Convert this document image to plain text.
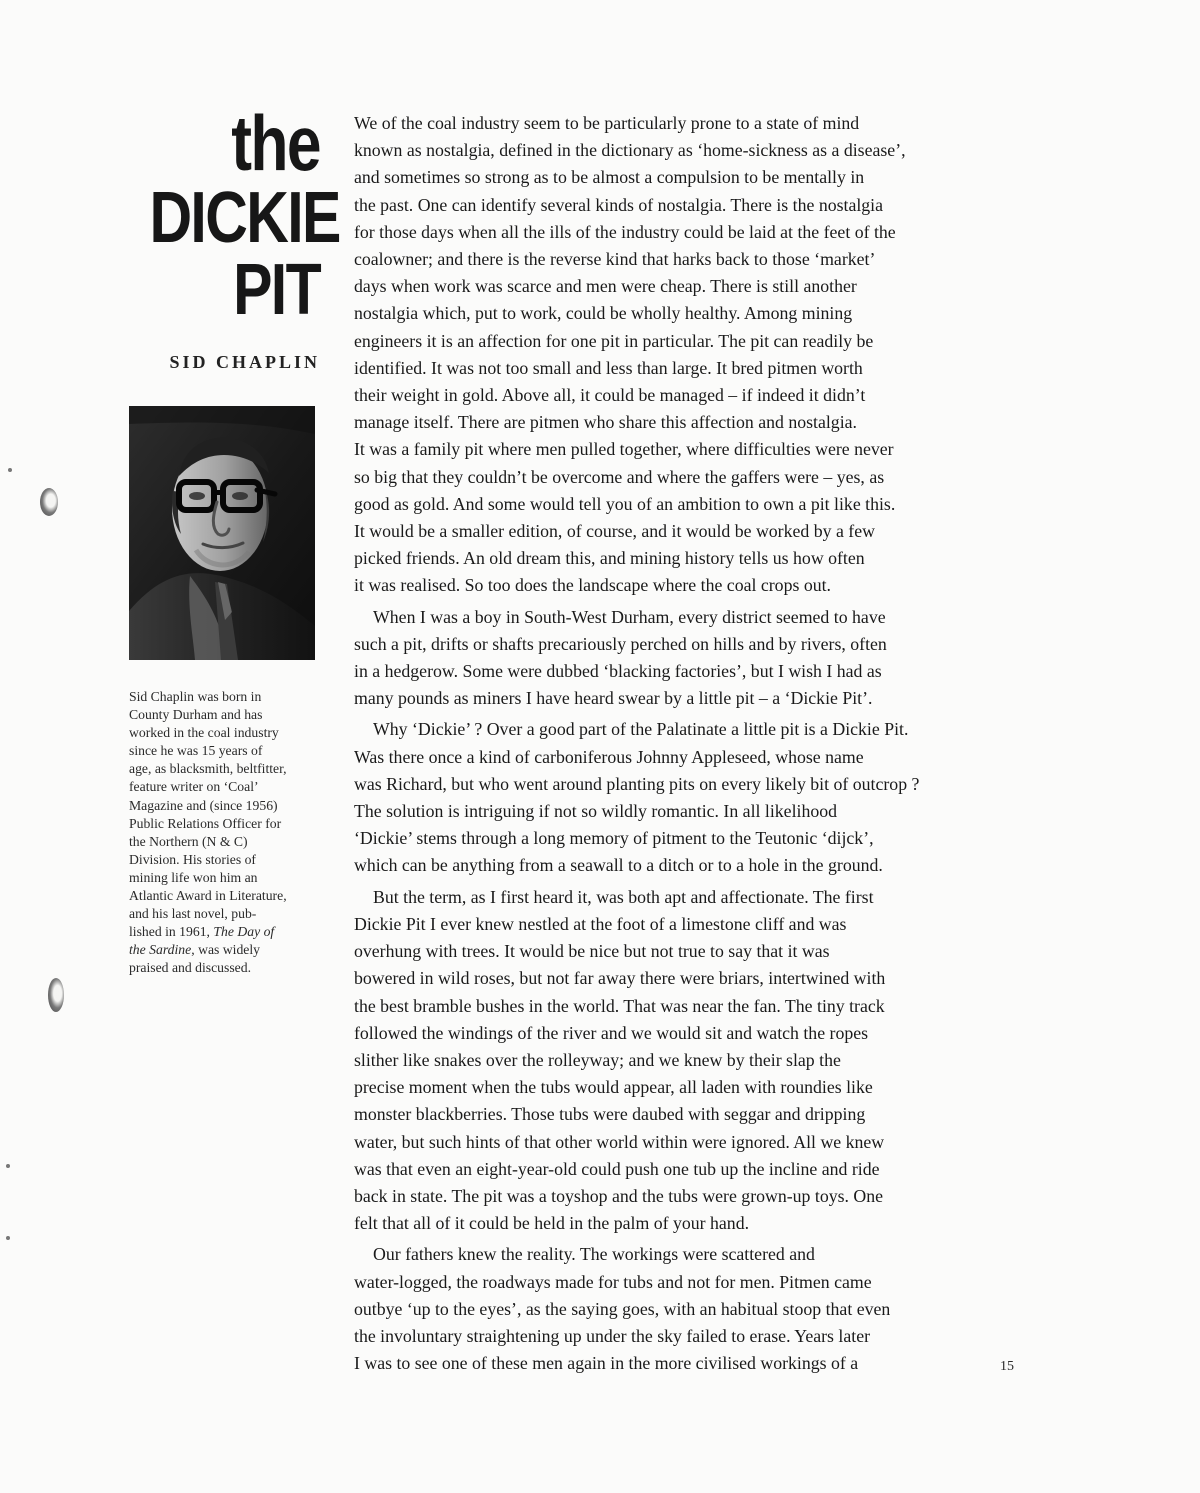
the
DICKIE
PIT
SID CHAPLIN
Sid Chaplin was born in
County Durham and has
worked in the coal industry
since he was 15 years of
age, as blacksmith, beltfitter,
feature writer on ‘Coal’
Magazine and (since 1956)
Public Relations Officer for
the Northern (N & C)
Division. His stories of
mining life won him an
Atlantic Award in Literature,
and his last novel, pub-
lished in 1961, The Day of
the Sardine, was widely
praised and discussed.
We of the coal industry seem to be particularly prone to a state of mind
known as nostalgia, defined in the dictionary as ‘home-sickness as a disease’,
and sometimes so strong as to be almost a compulsion to be mentally in
the past. One can identify several kinds of nostalgia. There is the nostalgia
for those days when all the ills of the industry could be laid at the feet of the
coalowner; and there is the reverse kind that harks back to those ‘market’
days when work was scarce and men were cheap. There is still another
nostalgia which, put to work, could be wholly healthy. Among mining
engineers it is an affection for one pit in particular. The pit can readily be
identified. It was not too small and less than large. It bred pitmen worth
their weight in gold. Above all, it could be managed – if indeed it didn’t
manage itself. There are pitmen who share this affection and nostalgia.
It was a family pit where men pulled together, where difficulties were never
so big that they couldn’t be overcome and where the gaffers were – yes, as
good as gold. And some would tell you of an ambition to own a pit like this.
It would be a smaller edition, of course, and it would be worked by a few
picked friends. An old dream this, and mining history tells us how often
it was realised. So too does the landscape where the coal crops out.
When I was a boy in South-West Durham, every district seemed to have
such a pit, drifts or shafts precariously perched on hills and by rivers, often
in a hedgerow. Some were dubbed ‘blacking factories’, but I wish I had as
many pounds as miners I have heard swear by a little pit – a ‘Dickie Pit’.
Why ‘Dickie’ ? Over a good part of the Palatinate a little pit is a Dickie Pit.
Was there once a kind of carboniferous Johnny Appleseed, whose name
was Richard, but who went around planting pits on every likely bit of outcrop ?
The solution is intriguing if not so wildly romantic. In all likelihood
‘Dickie’ stems through a long memory of pitment to the Teutonic ‘dijck’,
which can be anything from a seawall to a ditch or to a hole in the ground.
But the term, as I first heard it, was both apt and affectionate. The first
Dickie Pit I ever knew nestled at the foot of a limestone cliff and was
overhung with trees. It would be nice but not true to say that it was
bowered in wild roses, but not far away there were briars, intertwined with
the best bramble bushes in the world. That was near the fan. The tiny track
followed the windings of the river and we would sit and watch the ropes
slither like snakes over the rolleyway; and we knew by their slap the
precise moment when the tubs would appear, all laden with roundies like
monster blackberries. Those tubs were daubed with seggar and dripping
water, but such hints of that other world within were ignored. All we knew
was that even an eight-year-old could push one tub up the incline and ride
back in state. The pit was a toyshop and the tubs were grown-up toys. One
felt that all of it could be held in the palm of your hand.
Our fathers knew the reality. The workings were scattered and
water-logged, the roadways made for tubs and not for men. Pitmen came
outbye ‘up to the eyes’, as the saying goes, with an habitual stoop that even
the involuntary straightening up under the sky failed to erase. Years later
I was to see one of these men again in the more civilised workings of a	15
